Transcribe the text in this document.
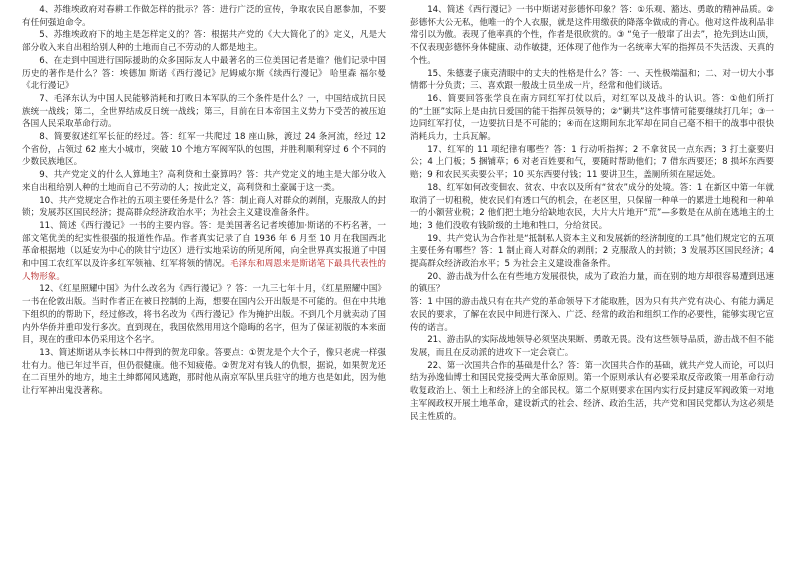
4、苏维埃政府对春耕工作做怎样的批示？答：进行广泛的宣传，争取农民自愿参加，不要有任何强迫命令。

5、苏维埃政府下的地主是怎样定义的？答：根据共产党的《大大简化了的》定义，凡是大部分收入来自出租给别人种的土地而自己不劳动的人都是地主。

6、在走到中国进行国际援助的众多国际友人中最著名的三位美国记者是谁？他们记录中国历史的著作是什么？答：埃德加 斯诺《西行漫记》尼姆威尔斯《续西行漫记》 哈里森 福尔曼《北行漫记》

7、毛泽东认为中国人民能够消耗和打败日本军队的三个条件是什么？一，中国结成抗日民族统一战线；第二，全世界结成反日统一战线；第三，目前在日本帝国主义势力下受苦的被压迫各国人民采取革命行动。

8、简要叙述红军长征的经过。答：红军一共爬过 18 座山脉，渡过 24 条河流，经过 12 个省份，占领过 62 座大小城市，突破 10 个地方军阀军队的包围，并胜利顺利穿过 6 个不同的少数民族地区。

9、共产党定义的什么人算地主？高利贷和土豪算吗？答：共产党定义的地主是大部分收入来自出租给别人种的土地而自己不劳动的人；按此定义，高利贷和土豪属于这一类。

10、共产党规定合作社的五项主要任务是什么？答：制止商人对群众的剥削，克服敌人的封锁；发展苏区国民经济；提高群众经济政治水平；为社会主义建设准备条件。

11、简述《西行漫记》一书的主要内容。答：是美国著名记者埃德加·斯诺的不朽名著，一部文笔优美的纪实性很强的报道性作品。作者真实记录了自 1936 年 6 月至 10 月在我国西北革命根据地（以延安为中心的陕甘宁边区）进行实地采访的所见所闻，向全世界真实报道了中国和中国工农红军以及许多红军领袖、红军将领的情况。毛泽东和周恩来是斯诺笔下最具代表性的人物形象。

12、《红星照耀中国》为什么改名为《西行漫记》？答：一九三七年十月，《红星照耀中国》一书在伦敦出版。当时作者正在被日控制的上海，想要在国内公开出版是不可能的。但在中共地下组织的的帮助下，经过修改，将书名改为《西行漫记》作为掩护出版。不到几个月就卖动了国内外华侨并重印发行多次。直到现在，我国依然用用这个隐晦的名字，但为了保证初版的本来面目，现在的重印本仍采用这个名字。

13、简述斯诺从李长林口中得到的贺龙印象。答要点：①贺龙是个大个子，像只老虎一样强壮有力。他已年过半百，但仍很健康。他不知疲倦。②贺龙对有钱人的仇恨，据说，如果贺龙还在二百里外的地方，地主土绅都闻风逃跑，那时他从南京军队里兵驻守的地方也是如此，因为他让行军神出鬼没著称。

14、简述《西行漫记》一书中斯诺对彭德怀印象？答：①乐观、豁达、勇敢的精神品质。②彭德怀大公无私，他唯一的个人衣服，就是这件用缴获的降落伞做成的背心。他对这件战利品非常引以为傲。表现了他率真的个性，作者是很欣赏的。③ “兔子一般窜了出去”，抢先到达山顶，不仅表现彭德怀身体健康、动作敏捷，还体现了他作为一名统率大军的指挥员不失活泼、天真的个性。

15、朱德妻子康克清眼中的丈夫的性格是什么？答：一、天性极端温和；二、对一切大小事情都十分负责；三、喜欢跟一般战士员坐成一片，经常和他们谈话。

16、简要回答张学良在南方同红军打仗以后，对红军以及战斗的认识。答：①他们所打的“土匪”实际上是由抗日爱国的能干指挥员领导的；②“剿共”这件事情可能要继续打几年；③一边同红军打仗，一边要抗日是不可能的；④而在这期间东北军却在同自己毫不相干的战事中很快消耗兵力，士兵瓦解。

17、红军的 11 项纪律有哪些？答：1 行动听指挥；2 不拿贫民一点东西；3 打土豪要归公；4 上门板；5 捆铺草；6 对老百姓要和气，要随时帮助他们；7 借东西要还；8 损坏东西要赔；9 和农民买卖要公平；10 买东西要付钱；11 要讲卫生，盖厕所须在屋远处。

18、红军如何改变佃农、贫农、中农以及所有“贫农”成分的处境。答：1 在新区中第一年就取消了一切租税，使农民们有透口气的机会，在老区里，只保留一种单一的累进土地税和一种单一的小额营业税；2 他们把土地分给缺地农民，大片大片地开“荒”—多数是在从前在逃地主的土地；3 他们没收有钱阶级的土地和牲口，分给贫民。

19、共产党认为合作社是“抵制私人资本主义和发展新的经济制度的工具”他们规定它的五项主要任务有哪些？答：1 制止商人对群众的剥削；2 克服敌人的封锁；3 发展苏区国民经济；4 提高群众经济政治水平；5 为社会主义建设准备条件。

20、游击战为什么在有些地方发展很快，成为了政治力量，而在别的地方却很容易遭到迅速的镇压？

答：1 中国的游击战只有在共产党的革命领导下才能取胜，因为只有共产党有决心、有能力满足农民的要求，了解在农民中间进行深入、广泛、经常的政治和组织工作的必要性，能够实现它宣传的诺言。

21、游击队的实际战地领导必须坚决果断、勇敢无畏。没有这些领导品质，游击战不但不能发展，而且在反动派的进攻下一定会衰亡。

22、第一次国共合作的基础是什么？答：第一次国共合作的基础，就共产党人而论，可以归结为孙逸仙博士和国民党接受两大革命原则。第一个原则承认有必要采取反帝政策一用革命行动收复政治上、领土上和经济上的全部民权。第二个原则要求在国内实行反封建反军阀政策一对地主军阀政权开展土地革命，建设新式的社会、经济、政治生活，共产党和国民党都认为这必须是民主性质的。
